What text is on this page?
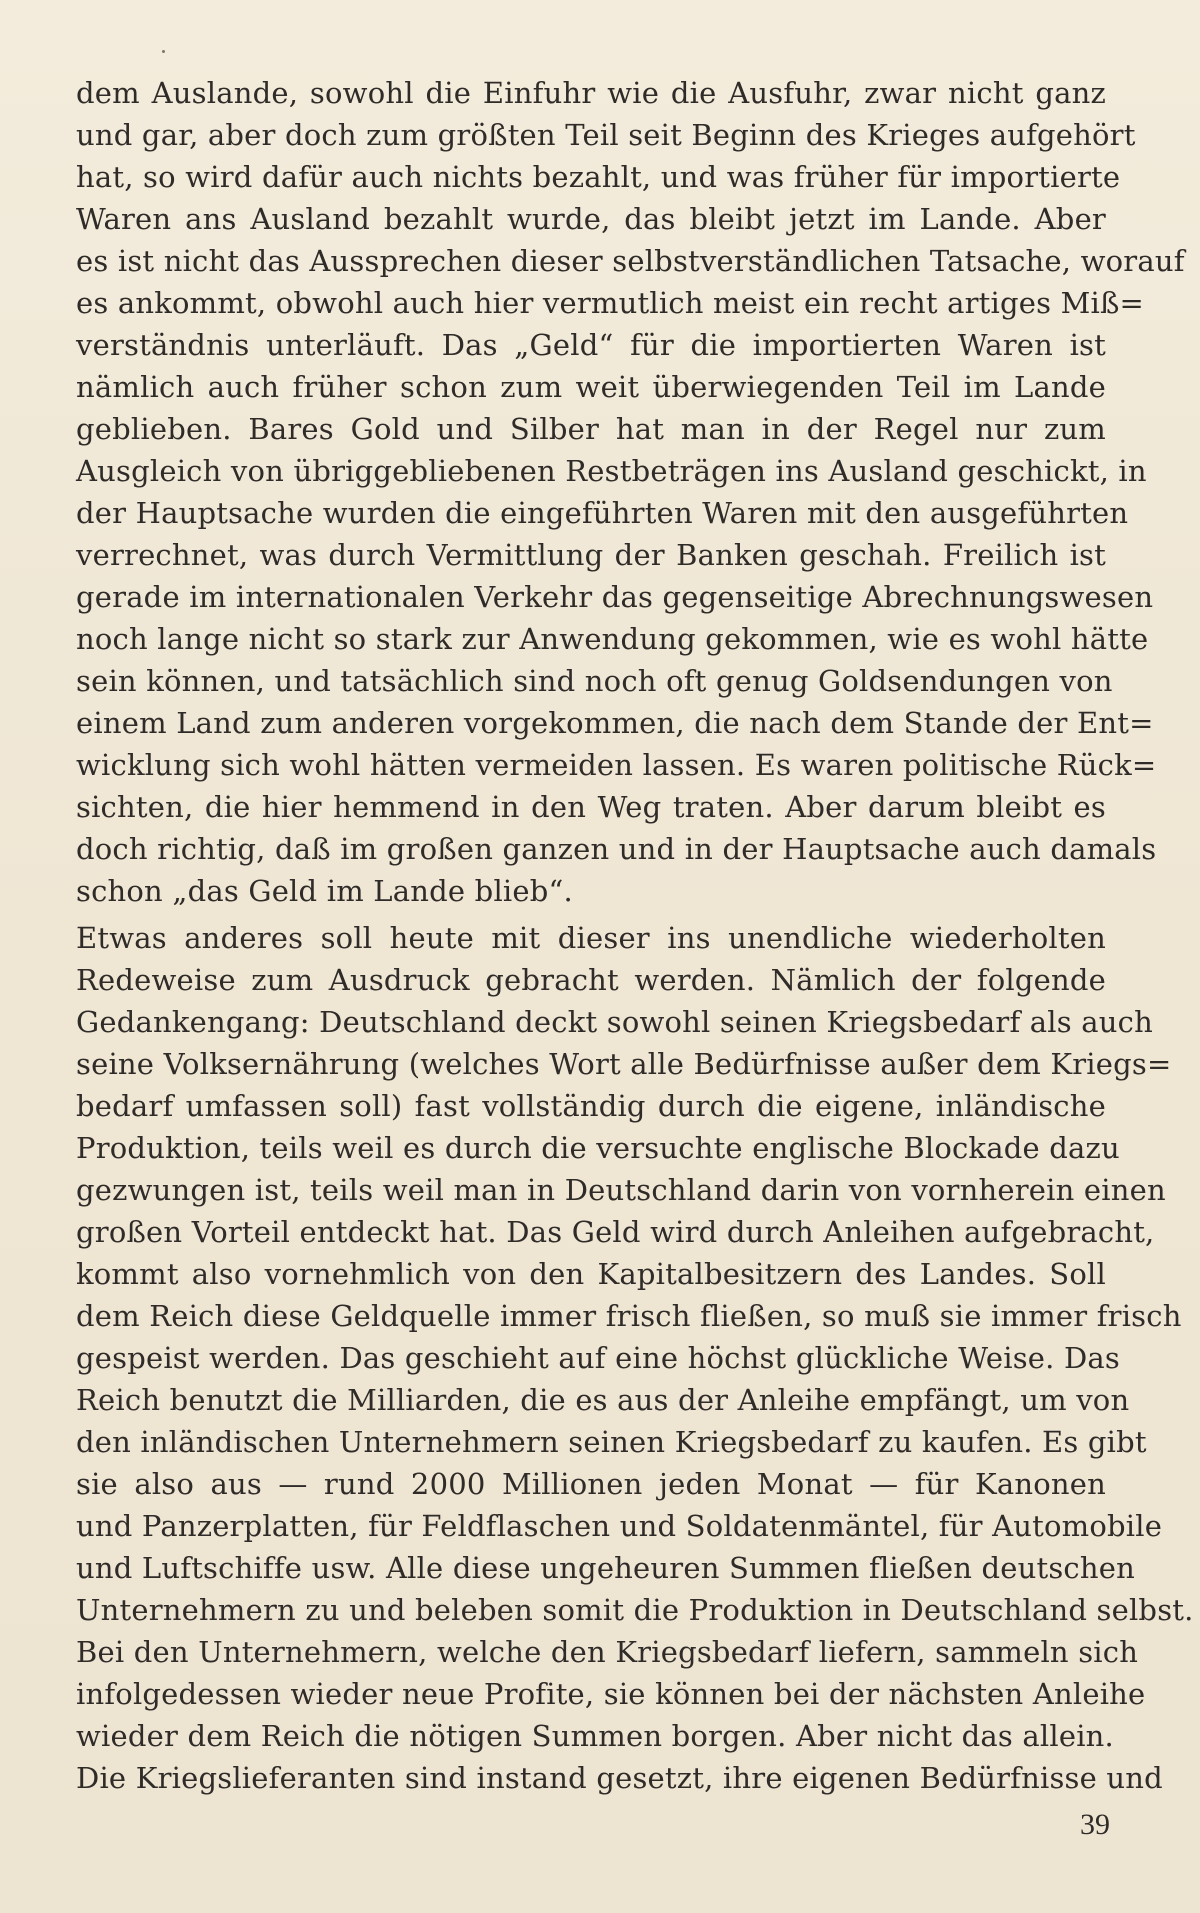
dem Auslande, sowohl die Einfuhr wie die Ausfuhr, zwar nicht ganz
und gar, aber doch zum größten Teil seit Beginn des Krieges aufgehört
hat, so wird dafür auch nichts bezahlt, und was früher für importierte
Waren ans Ausland bezahlt wurde, das bleibt jetzt im Lande. Aber
es ist nicht das Aussprechen dieser selbstverständlichen Tatsache, worauf
es ankommt, obwohl auch hier vermutlich meist ein recht artiges Miß=
verständnis unterläuft. Das „Geld“ für die importierten Waren ist
nämlich auch früher schon zum weit überwiegenden Teil im Lande
geblieben. Bares Gold und Silber hat man in der Regel nur zum
Ausgleich von übriggebliebenen Restbeträgen ins Ausland geschickt, in
der Hauptsache wurden die eingeführten Waren mit den ausgeführten
verrechnet, was durch Vermittlung der Banken geschah. Freilich ist
gerade im internationalen Verkehr das gegenseitige Abrechnungswesen
noch lange nicht so stark zur Anwendung gekommen, wie es wohl hätte
sein können, und tatsächlich sind noch oft genug Goldsendungen von
einem Land zum anderen vorgekommen, die nach dem Stande der Ent=
wicklung sich wohl hätten vermeiden lassen. Es waren politische Rück=
sichten, die hier hemmend in den Weg traten. Aber darum bleibt es
doch richtig, daß im großen ganzen und in der Hauptsache auch damals
schon „das Geld im Lande blieb“.
Etwas anderes soll heute mit dieser ins unendliche wiederholten
Redeweise zum Ausdruck gebracht werden. Nämlich der folgende
Gedankengang: Deutschland deckt sowohl seinen Kriegsbedarf als auch
seine Volksernährung (welches Wort alle Bedürfnisse außer dem Kriegs=
bedarf umfassen soll) fast vollständig durch die eigene, inländische
Produktion, teils weil es durch die versuchte englische Blockade dazu
gezwungen ist, teils weil man in Deutschland darin von vornherein einen
großen Vorteil entdeckt hat. Das Geld wird durch Anleihen aufgebracht,
kommt also vornehmlich von den Kapitalbesitzern des Landes. Soll
dem Reich diese Geldquelle immer frisch fließen, so muß sie immer frisch
gespeist werden. Das geschieht auf eine höchst glückliche Weise. Das
Reich benutzt die Milliarden, die es aus der Anleihe empfängt, um von
den inländischen Unternehmern seinen Kriegsbedarf zu kaufen. Es gibt
sie also aus — rund 2000 Millionen jeden Monat — für Kanonen
und Panzerplatten, für Feldflaschen und Soldatenmäntel, für Automobile
und Luftschiffe usw. Alle diese ungeheuren Summen fließen deutschen
Unternehmern zu und beleben somit die Produktion in Deutschland selbst.
Bei den Unternehmern, welche den Kriegsbedarf liefern, sammeln sich
infolgedessen wieder neue Profite, sie können bei der nächsten Anleihe
wieder dem Reich die nötigen Summen borgen. Aber nicht das allein.
Die Kriegslieferanten sind instand gesetzt, ihre eigenen Bedürfnisse und
39
